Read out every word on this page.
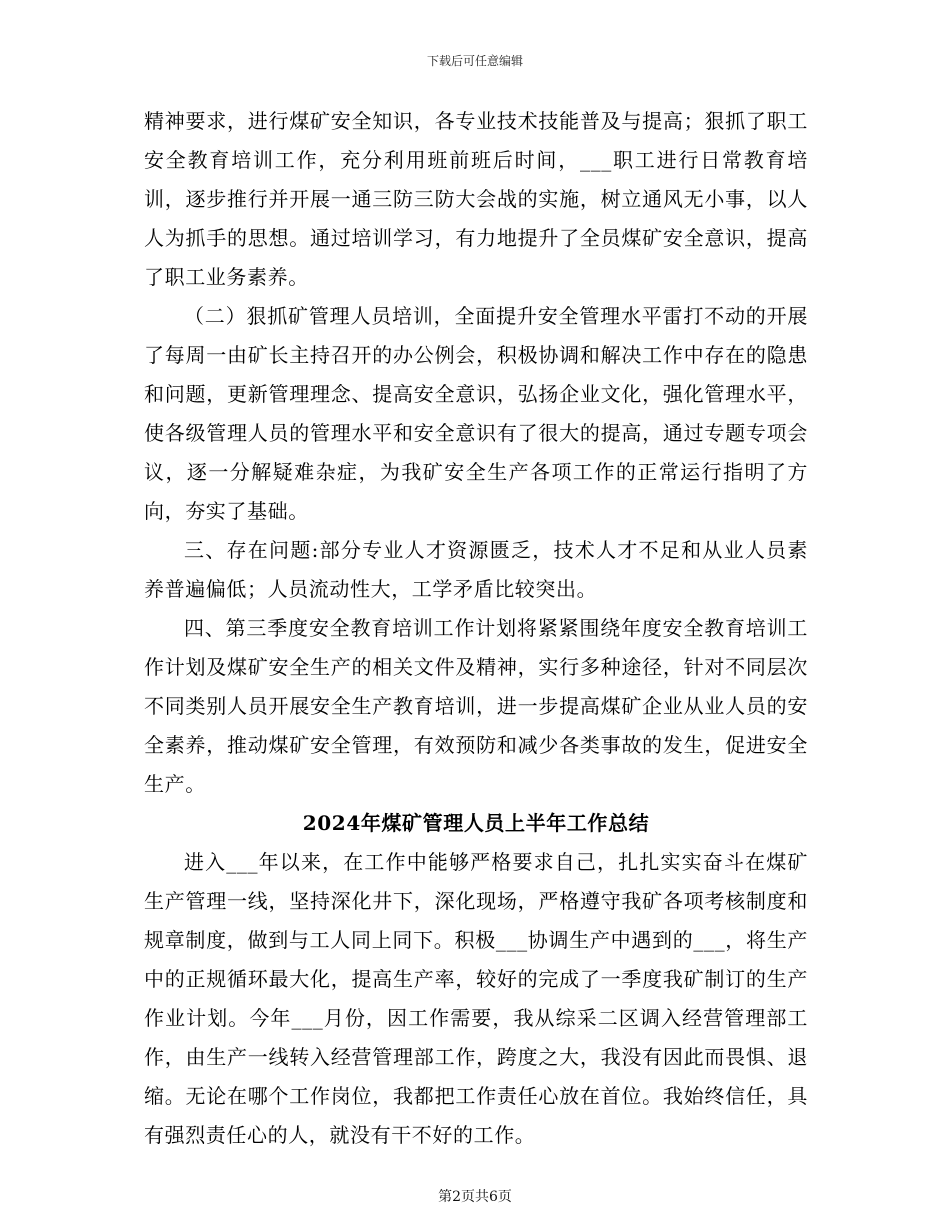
下载后可任意编辑

精神要求，进行煤矿安全知识，各专业技术技能普及与提高；狠抓了职工安全教育培训工作，充分利用班前班后时间，___职工进行日常教育培训，逐步推行并开展一通三防三防大会战的实施，树立通风无小事，以人人为抓手的思想。通过培训学习，有力地提升了全员煤矿安全意识，提高了职工业务素养。

（二）狠抓矿管理人员培训，全面提升安全管理水平雷打不动的开展了每周一由矿长主持召开的办公例会，积极协调和解决工作中存在的隐患和问题，更新管理理念、提高安全意识，弘扬企业文化，强化管理水平，使各级管理人员的管理水平和安全意识有了很大的提高，通过专题专项会议，逐一分解疑难杂症，为我矿安全生产各项工作的正常运行指明了方向，夯实了基础。

三、存在问题:部分专业人才资源匮乏，技术人才不足和从业人员素养普遍偏低；人员流动性大，工学矛盾比较突出。

四、第三季度安全教育培训工作计划将紧紧围绕年度安全教育培训工作计划及煤矿安全生产的相关文件及精神，实行多种途径，针对不同层次不同类别人员开展安全生产教育培训，进一步提高煤矿企业从业人员的安全素养，推动煤矿安全管理，有效预防和减少各类事故的发生，促进安全生产。

2024年煤矿管理人员上半年工作总结

进入___年以来，在工作中能够严格要求自己，扎扎实实奋斗在煤矿生产管理一线，坚持深化井下，深化现场，严格遵守我矿各项考核制度和规章制度，做到与工人同上同下。积极___协调生产中遇到的___，将生产中的正规循环最大化，提高生产率，较好的完成了一季度我矿制订的生产作业计划。今年___月份，因工作需要，我从综采二区调入经营管理部工作，由生产一线转入经营管理部工作，跨度之大，我没有因此而畏惧、退缩。无论在哪个工作岗位，我都把工作责任心放在首位。我始终信任，具有强烈责任心的人，就没有干不好的工作。

第2页共6页
